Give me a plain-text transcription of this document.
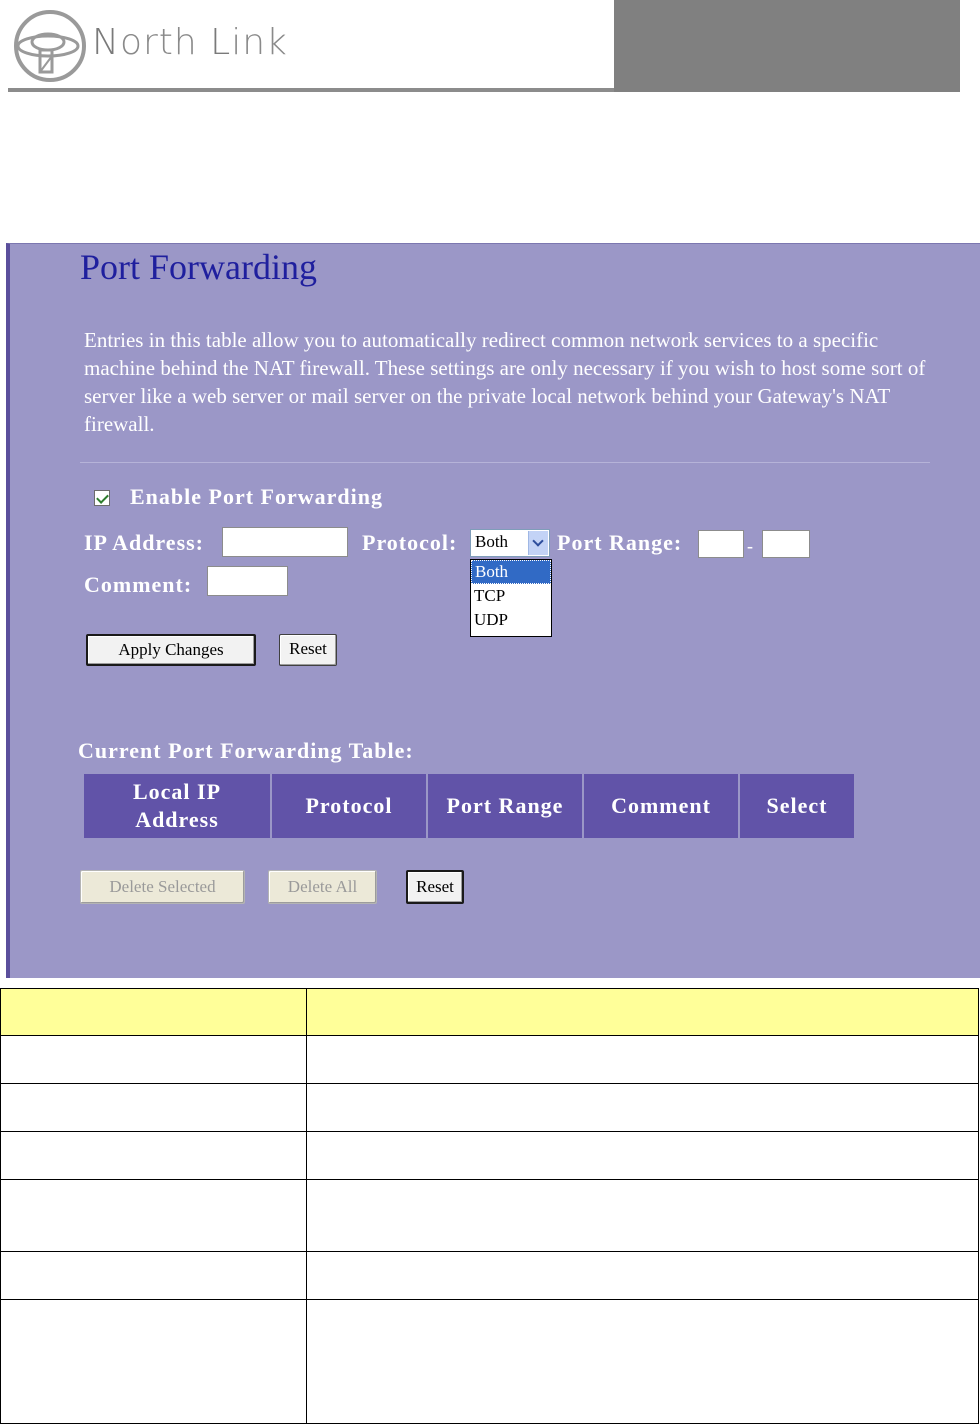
North Link
Port Forwarding
Entries in this table allow you to automatically redirect common network services to a specific machine behind the NAT firewall. These settings are only necessary if you wish to host some sort of server like a web server or mail server on the private local network behind your Gateway's NAT firewall.
Enable Port Forwarding
IP Address:	Protocol: Both
Both
TCP
UDP
Port Range:	-
Comment:
Apply Changes	Reset
Current Port Forwarding Table:
Local IP
Address	Protocol	Port Range	Comment	Select
Delete Selected	Delete All	Reset
